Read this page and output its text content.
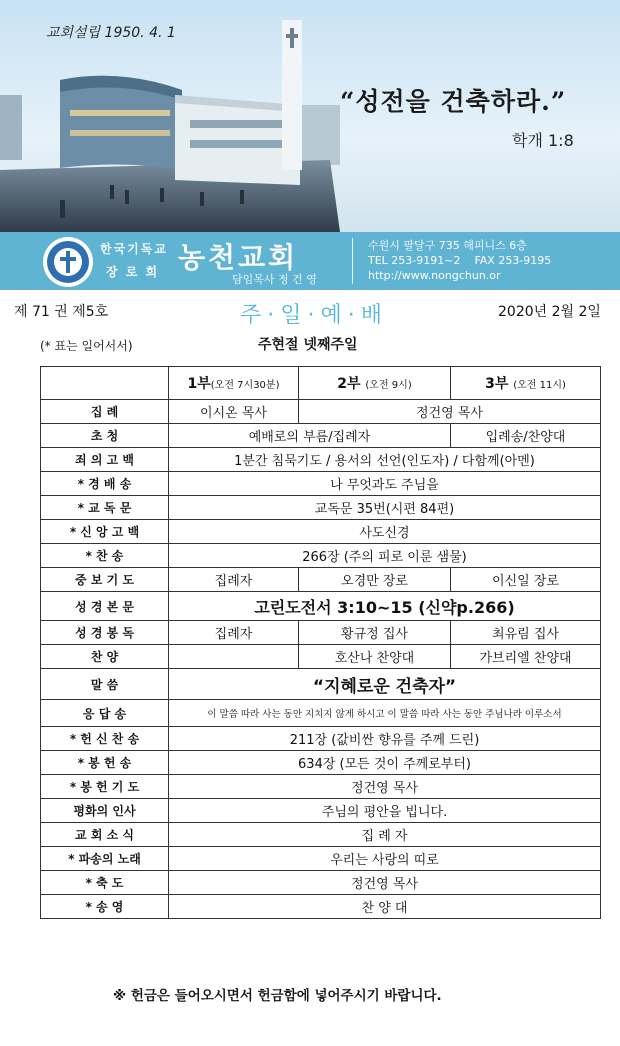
교회설립 1950. 4. 1
“성전을 건축하라.”
학개 1:8
한국기독교
장 로 회 농천교회
담임목사 정 건 영
수원시 팔달구 735 해피니스 6층
TEL 253-9191~2 FAX 253-9195
http://www.nongchun.or
제 71 권 제5호	주·일·예·배	2020년 2월 2일
(* 표는 일어서서)	주현절 넷째주일
	1부(오전 7시30분)	2부 (오전 9시)	3부 (오전 11시)
집 례	이시온 목사	정건영 목사	
초 청	예배로의 부름/집례자		입례송/찬양대
죄 의 고 백	1분간 침묵기도 / 용서의 선언(인도자) / 다함께(아멘)		
* 경 배 송	나 무엇과도 주님을		
* 교 독 문	교독문 35번(시편 84편)		
* 신 앙 고 백	사도신경		
* 찬 송	266장 (주의 피로 이룬 샘물)		
중 보 기 도	집례자	오경만 장로	이신일 장로
성 경 본 문	고린도전서 3:10~15 (신약p.266)		
성 경 봉 독	집례자	황규정 집사	최유림 집사
찬 양		호산나 찬양대	가브리엘 찬양대
말 씀	“지혜로운 건축자”		
응 답 송	이 말씀 따라 사는 동안 지치지 않게 하시고 이 말씀 따라 사는 동안 주님나라 이루소서		
* 헌 신 찬 송	211장 (값비싼 향유를 주께 드린)		
* 봉 헌 송	634장 (모든 것이 주께로부터)		
* 봉 헌 기 도	정건영 목사		
평화의 인사	주님의 평안을 빕니다.		
교 회 소 식	집 례 자		
* 파송의 노래	우리는 사랑의 띠로		
* 축 도	정건영 목사		
* 송 영	찬 양 대		
※ 헌금은 들어오시면서 헌금함에 넣어주시기 바랍니다.
